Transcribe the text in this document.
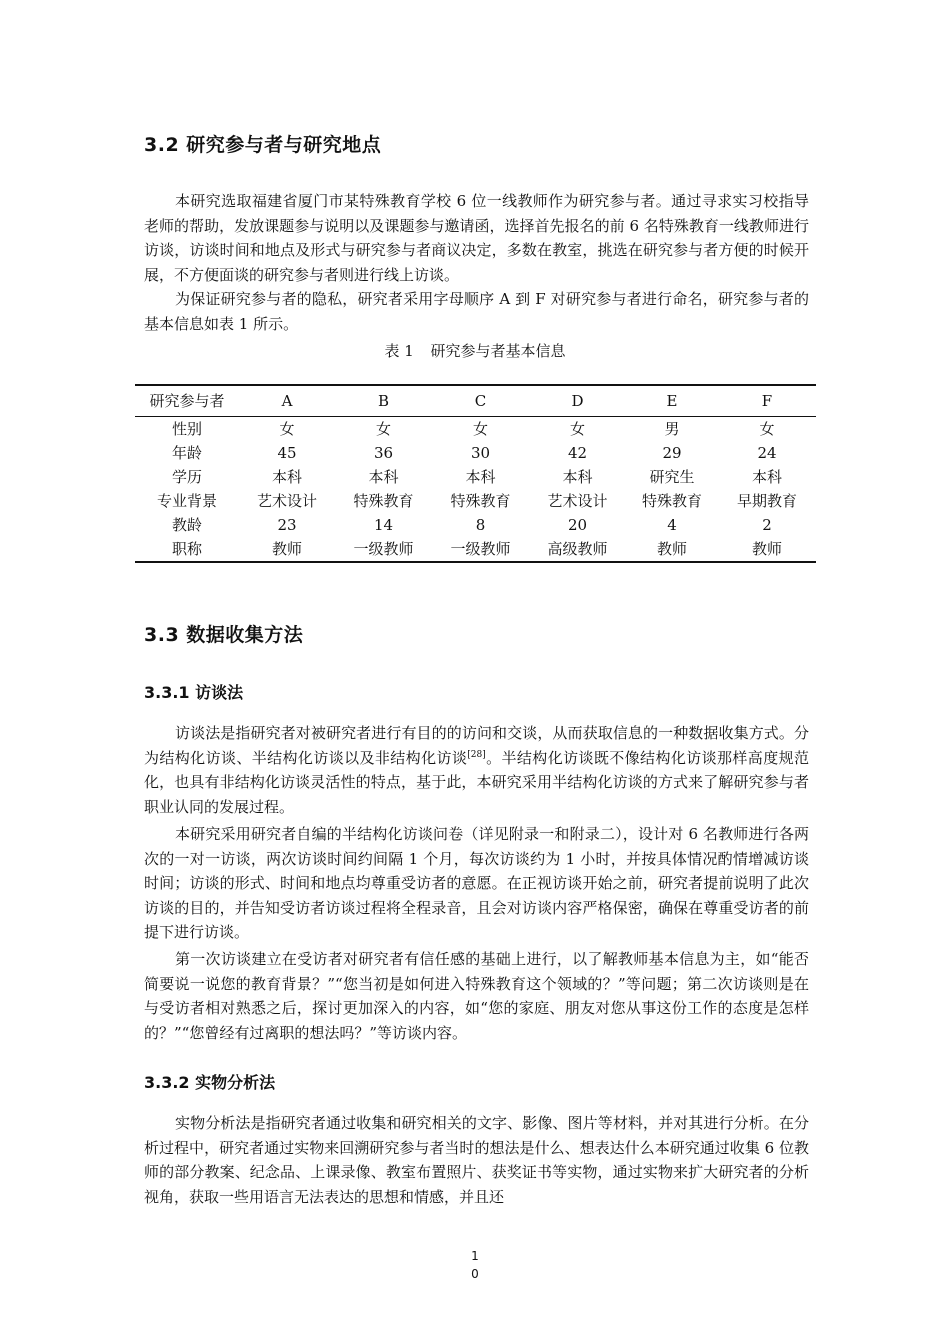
3.2 研究参与者与研究地点

本研究选取福建省厦门市某特殊教育学校 6 位一线教师作为研究参与者。通过寻求实习校指导老师的帮助，发放课题参与说明以及课题参与邀请函，选择首先报名的前 6 名特殊教育一线教师进行访谈，访谈时间和地点及形式与研究参与者商议决定，多数在教室，挑选在研究参与者方便的时候开展，不方便面谈的研究参与者则进行线上访谈。

为保证研究参与者的隐私，研究者采用字母顺序 A 到 F 对研究参与者进行命名，研究参与者的基本信息如表 1 所示。

表 1 研究参与者基本信息

研究参与者	A	B	C	D	E	F
性别	女	女	女	女	男	女
年龄	45	36	30	42	29	24
学历	本科	本科	本科	本科	研究生	本科
专业背景	艺术设计	特殊教育	特殊教育	艺术设计	特殊教育	早期教育
教龄	23	14	8	20	4	2
职称	教师	一级教师	一级教师	高级教师	教师	教师
3.3 数据收集方法
3.3.1 访谈法

访谈法是指研究者对被研究者进行有目的的访问和交谈，从而获取信息的一种数据收集方式。分为结构化访谈、半结构化访谈以及非结构化访谈[28]。半结构化访谈既不像结构化访谈那样高度规范化，也具有非结构化访谈灵活性的特点，基于此，本研究采用半结构化访谈的方式来了解研究参与者职业认同的发展过程。

本研究采用研究者自编的半结构化访谈问卷（详见附录一和附录二），设计对 6 名教师进行各两次的一对一访谈，两次访谈时间约间隔 1 个月，每次访谈约为 1 小时，并按具体情况酌情增减访谈时间；访谈的形式、时间和地点均尊重受访者的意愿。在正视访谈开始之前，研究者提前说明了此次访谈的目的，并告知受访者访谈过程将全程录音，且会对访谈内容严格保密，确保在尊重受访者的前提下进行访谈。

第一次访谈建立在受访者对研究者有信任感的基础上进行，以了解教师基本信息为主，如“能否简要说一说您的教育背景？”“您当初是如何进入特殊教育这个领域的？”等问题；第二次访谈则是在与受访者相对熟悉之后，探讨更加深入的内容，如“您的家庭、朋友对您从事这份工作的态度是怎样的？”“您曾经有过离职的想法吗？”等访谈内容。

3.3.2 实物分析法

实物分析法是指研究者通过收集和研究相关的文字、影像、图片等材料，并对其进行分析。在分析过程中，研究者通过实物来回溯研究参与者当时的想法是什么、想表达什么本研究通过收集 6 位教师的部分教案、纪念品、上课录像、教室布置照片、获奖证书等实物，通过实物来扩大研究者的分析视角，获取一些用语言无法表达的思想和情感，并且还

1

0
